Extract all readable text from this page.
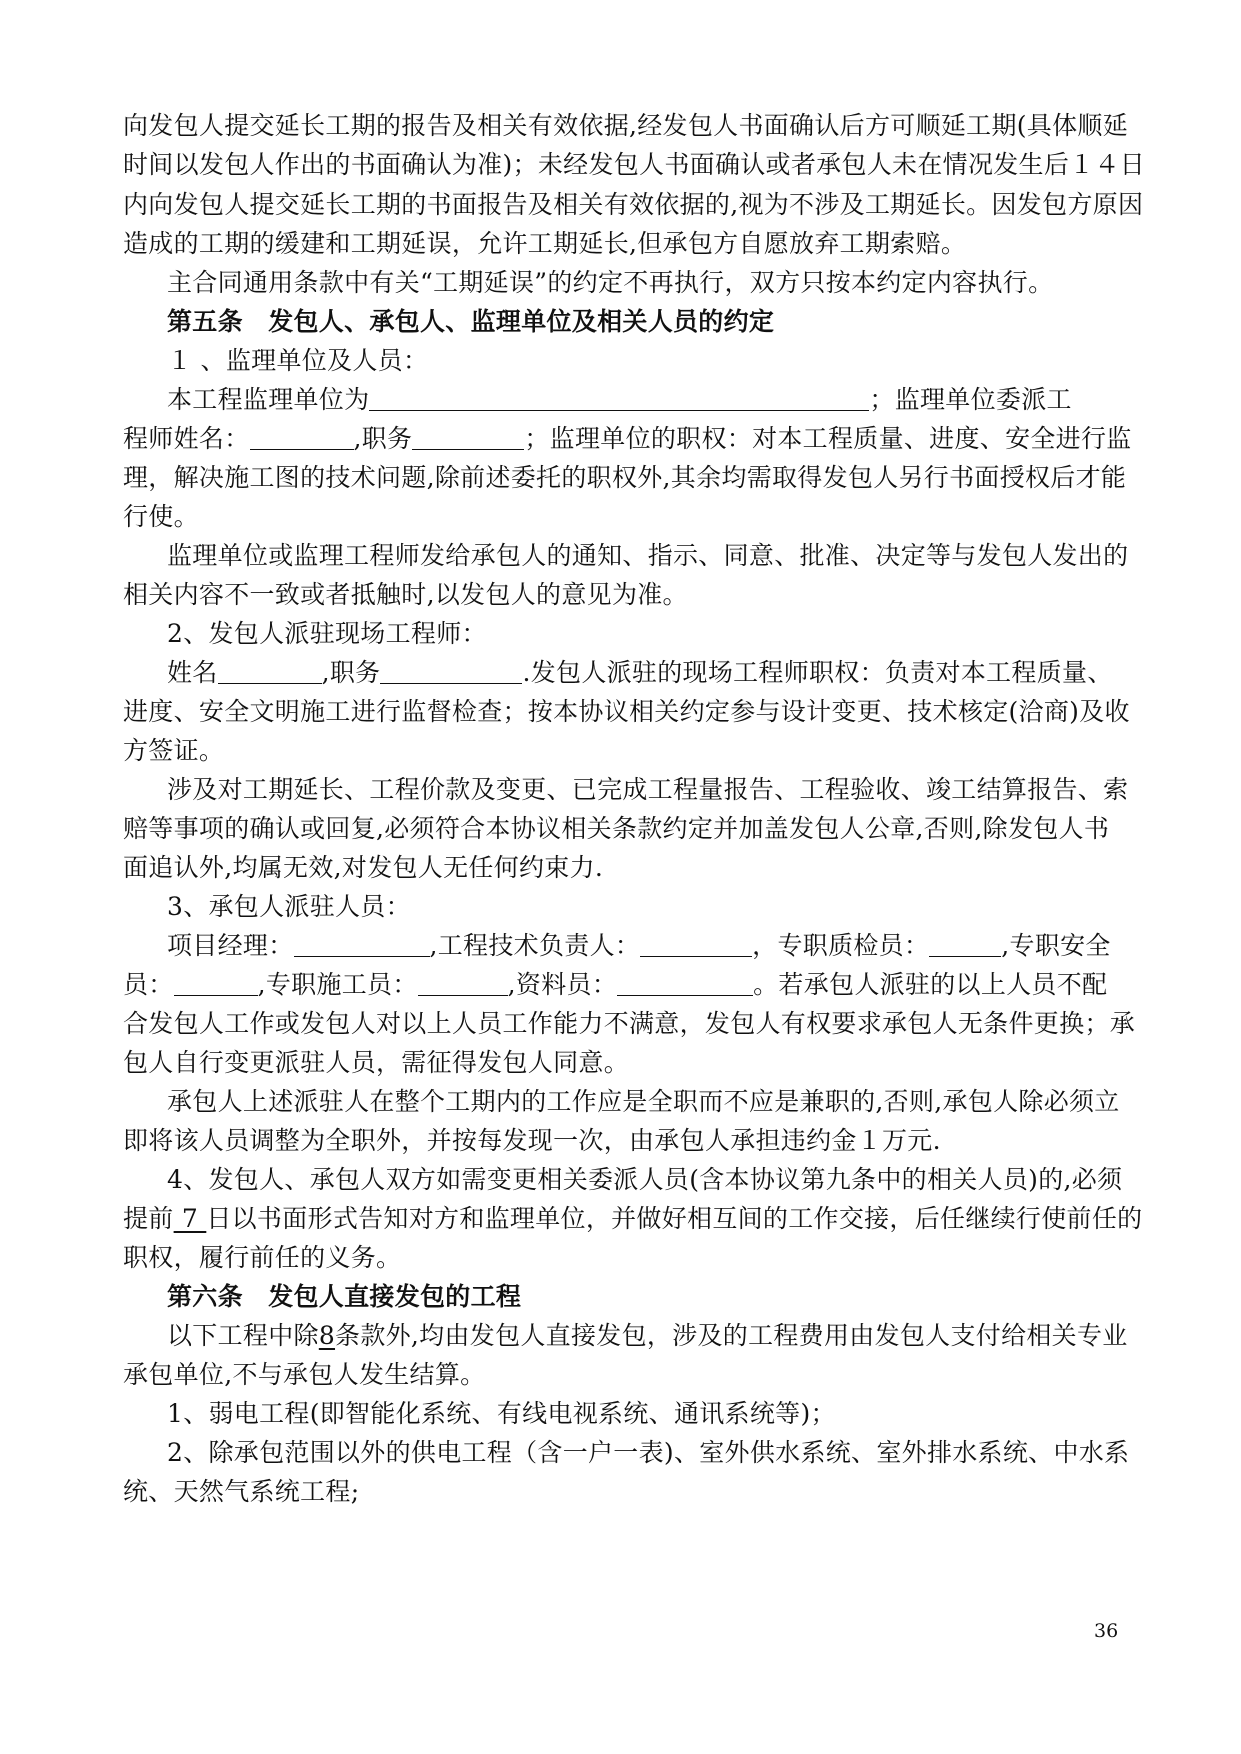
向发包人提交延长工期的报告及相关有效依据,经发包人书面确认后方可顺延工期(具体顺延
时间以发包人作出的书面确认为准)；未经发包人书面确认或者承包人未在情况发生后１４日
内向发包人提交延长工期的书面报告及相关有效依据的,视为不涉及工期延长。因发包方原因
造成的工期的缓建和工期延误，允许工期延长,但承包方自愿放弃工期索赔。
主合同通用条款中有关“工期延误”的约定不再执行，双方只按本约定内容执行。
第五条　发包人、承包人、监理单位及相关人员的约定
１ 、监理单位及人员：
本工程监理单位为	；监理单位委派工
程师姓名：	,职务	；监理单位的职权：对本工程质量、进度、安全进行监
理，解决施工图的技术问题,除前述委托的职权外,其余均需取得发包人另行书面授权后才能
行使。
监理单位或监理工程师发给承包人的通知、指示、同意、批准、决定等与发包人发出的
相关内容不一致或者抵触时,以发包人的意见为准。
2、发包人派驻现场工程师：
姓名	,职务	.发包人派驻的现场工程师职权：负责对本工程质量、
进度、安全文明施工进行监督检查；按本协议相关约定参与设计变更、技术核定(洽商)及收
方签证。
涉及对工期延长、工程价款及变更、已完成工程量报告、工程验收、竣工结算报告、索
赔等事项的确认或回复,必须符合本协议相关条款约定并加盖发包人公章,否则,除发包人书
面追认外,均属无效,对发包人无任何约束力.
3、承包人派驻人员：
项目经理：	,工程技术负责人：	，专职质检员：	,专职安全
员：	,专职施工员：	,资料员：	。若承包人派驻的以上人员不配
合发包人工作或发包人对以上人员工作能力不满意，发包人有权要求承包人无条件更换；承
包人自行变更派驻人员，需征得发包人同意。
承包人上述派驻人在整个工期内的工作应是全职而不应是兼职的,否则,承包人除必须立
即将该人员调整为全职外，并按每发现一次，由承包人承担违约金１万元.
4、发包人、承包人双方如需变更相关委派人员(含本协议第九条中的相关人员)的,必须
提前 7 日以书面形式告知对方和监理单位，并做好相互间的工作交接，后任继续行使前任的
职权，履行前任的义务。
第六条　发包人直接发包的工程
以下工程中除8条款外,均由发包人直接发包，涉及的工程费用由发包人支付给相关专业
承包单位,不与承包人发生结算。
1、弱电工程(即智能化系统、有线电视系统、通讯系统等)；
2、除承包范围以外的供电工程（含一户一表)、室外供水系统、室外排水系统、中水系
统、天然气系统工程;
36
